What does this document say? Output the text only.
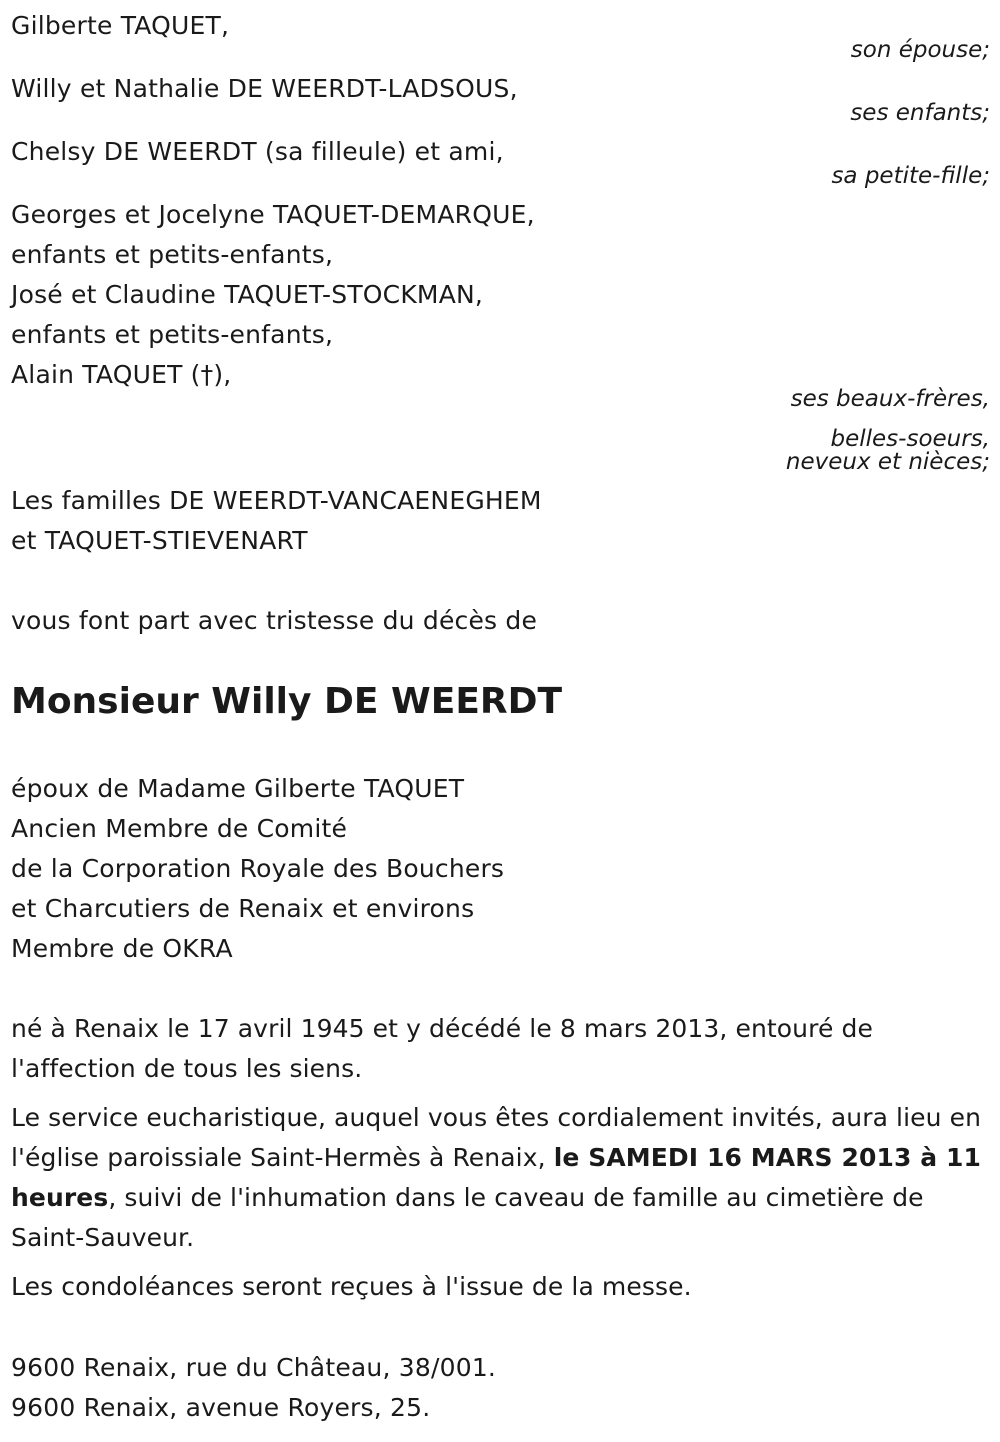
Gilberte TAQUET,
son épouse;
Willy et Nathalie DE WEERDT-LADSOUS,
ses enfants;
Chelsy DE WEERDT (sa filleule) et ami,
sa petite-fille;
Georges et Jocelyne TAQUET-DEMARQUE,
enfants et petits-enfants,
José et Claudine TAQUET-STOCKMAN,
enfants et petits-enfants,
Alain TAQUET (†),
ses beaux-frères,
belles-soeurs,
neveux et nièces;
Les familles DE WEERDT-VANCAENEGHEM
et TAQUET-STIEVENART
vous font part avec tristesse du décès de
Monsieur Willy DE WEERDT
époux de Madame Gilberte TAQUET
Ancien Membre de Comité
de la Corporation Royale des Bouchers
et Charcutiers de Renaix et environs
Membre de OKRA
né à Renaix le 17 avril 1945 et y décédé le 8 mars 2013, entouré de l'affection de tous les siens.
Le service eucharistique, auquel vous êtes cordialement invités, aura lieu en l'église paroissiale Saint-Hermès à Renaix, le SAMEDI 16 MARS 2013 à 11 heures, suivi de l'inhumation dans le caveau de famille au cimetière de Saint-Sauveur.
Les condoléances seront reçues à l'issue de la messe.
9600 Renaix, rue du Château, 38/001.
9600 Renaix, avenue Royers, 25.
